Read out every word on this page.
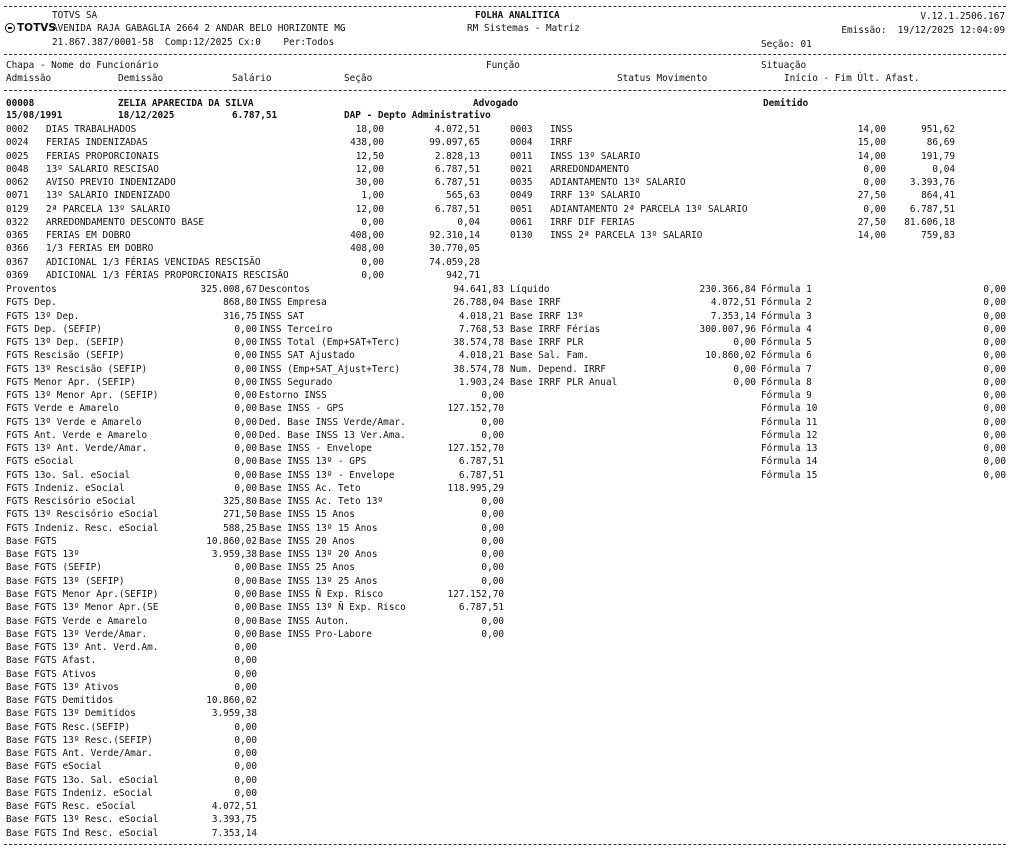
TOTVS SA
TOTVS
AVENIDA RAJA GABAGLIA 2664 2 ANDAR BELO HORIZONTE MG
21.867.387/0001-58  Comp:12/2025 Cx:0    Per:Todos
FOLHA ANALITICA
RM Sistemas - Matriz
V.12.1.2506.167
Emissão:  19/12/2025 12:04:09
Seção: 01
Chapa - Nome do Funcionário	Função	Situação
Admissão	Demissão	Salário	Seção	Status Movimento	Início - Fim Últ. Afast.
00008	ZELIA APARECIDA DA SILVA	Advogado	Demitido
15/08/1991	18/12/2025	6.787,51	DAP - Depto Administrativo
0002 DIAS TRABALHADOS	18,00	4.072,51
0024 FERIAS INDENIZADAS	438,00	99.097,65
0025 FERIAS PROPORCIONAIS	12,50	2.828,13
0048 13º SALARIO RESCISAO	12,00	6.787,51
0062 AVISO PREVIO INDENIZADO	30,00	6.787,51
0071 13º SALARIO INDENIZADO	1,00	565,63
0129 2ª PARCELA 13º SALARIO	12,00	6.787,51
0322 ARREDONDAMENTO DESCONTO BASE	0,00	0,04
0365 FERIAS EM DOBRO	408,00	92.310,14
0366 1/3 FERIAS EM DOBRO	408,00	30.770,05
0367 ADICIONAL 1/3 FÉRIAS VENCIDAS RESCISÃO	0,00	74.059,28
0369 ADICIONAL 1/3 FÉRIAS PROPORCIONAIS RESCISÃO	0,00	942,71
0003 INSS	14,00	951,62
0004 IRRF	15,00	86,69
0011 INSS 13º SALARIO	14,00	191,79
0021 ARREDONDAMENTO	0,00	0,04
0035 ADIANTAMENTO 13º SALARIO	0,00	3.393,76
0049 IRRF 13º SALARIO	27,50	864,41
0051 ADIANTAMENTO 2ª PARCELA 13º SALARIO	0,00	6.787,51
0061 IRRF DIF FERIAS	27,50	81.606,18
0130 INSS 2ª PARCELA 13º SALARIO	14,00	759,83
Proventos	325.008,67
FGTS Dep.	868,80
FGTS 13º Dep.	316,75
FGTS Dep. (SEFIP)	0,00
FGTS 13º Dep. (SEFIP)	0,00
FGTS Rescisão (SEFIP)	0,00
FGTS 13º Rescisão (SEFIP)	0,00
FGTS Menor Apr. (SEFIP)	0,00
FGTS 13º Menor Apr. (SEFIP)	0,00
FGTS Verde e Amarelo	0,00
FGTS 13º Verde e Amarelo	0,00
FGTS Ant. Verde e Amarelo	0,00
FGTS 13º Ant. Verde/Amar.	0,00
FGTS eSocial	0,00
FGTS 13o. Sal. eSocial	0,00
FGTS Indeniz. eSocial	0,00
FGTS Rescisório eSocial	325,80
FGTS 13º Rescisório eSocial	271,50
FGTS Indeniz. Resc. eSocial	588,25
Base FGTS	10.860,02
Base FGTS 13º	3.959,38
Base FGTS (SEFIP)	0,00
Base FGTS 13º (SEFIP)	0,00
Base FGTS Menor Apr.(SEFIP)	0,00
Base FGTS 13º Menor Apr.(SE	0,00
Base FGTS Verde e Amarelo	0,00
Base FGTS 13º Verde/Amar.	0,00
Base FGTS 13º Ant. Verd.Am.	0,00
Base FGTS Afast.	0,00
Base FGTS Ativos	0,00
Base FGTS 13º Ativos	0,00
Base FGTS Demitidos	10.860,02
Base FGTS 13º Demitidos	3.959,38
Base FGTS Resc.(SEFIP)	0,00
Base FGTS 13º Resc.(SEFIP)	0,00
Base FGTS Ant. Verde/Amar.	0,00
Base FGTS eSocial	0,00
Base FGTS 13o. Sal. eSocial	0,00
Base FGTS Indeniz. eSocial	0,00
Base FGTS Resc. eSocial	4.072,51
Base FGTS 13º Resc. eSocial	3.393,75
Base FGTS Ind Resc. eSocial	7.353,14
Descontos	94.641,83
INSS Empresa	26.788,04
INSS SAT	4.018,21
INSS Terceiro	7.768,53
INSS Total (Emp+SAT+Terc)	38.574,78
INSS SAT Ajustado	4.018,21
INSS (Emp+SAT_Ajust+Terc)	38.574,78
INSS Segurado	1.903,24
Estorno INSS	0,00
Base INSS - GPS	127.152,70
Ded. Base INSS Verde/Amar.	0,00
Ded. Base INSS 13 Ver.Ama.	0,00
Base INSS - Envelope	127.152,70
Base INSS 13º - GPS	6.787,51
Base INSS 13º - Envelope	6.787,51
Base INSS Ac. Teto	118.995,29
Base INSS Ac. Teto 13º	0,00
Base INSS 15 Anos	0,00
Base INSS 13º 15 Anos	0,00
Base INSS 20 Anos	0,00
Base INSS 13º 20 Anos	0,00
Base INSS 25 Anos	0,00
Base INSS 13º 25 Anos	0,00
Base INSS Ñ Exp. Risco	127.152,70
Base INSS 13º Ñ Exp. Risco	6.787,51
Base INSS Auton.	0,00
Base INSS Pro-Labore	0,00
Líquido	230.366,84
Base IRRF	4.072,51
Base IRRF 13º	7.353,14
Base IRRF Férias	300.007,96
Base IRRF PLR	0,00
Base Sal. Fam.	10.860,02
Num. Depend. IRRF	0,00
Base IRRF PLR Anual	0,00
Fórmula 1	0,00
Fórmula 2	0,00
Fórmula 3	0,00
Fórmula 4	0,00
Fórmula 5	0,00
Fórmula 6	0,00
Fórmula 7	0,00
Fórmula 8	0,00
Fórmula 9	0,00
Fórmula 10	0,00
Fórmula 11	0,00
Fórmula 12	0,00
Fórmula 13	0,00
Fórmula 14	0,00
Fórmula 15	0,00
